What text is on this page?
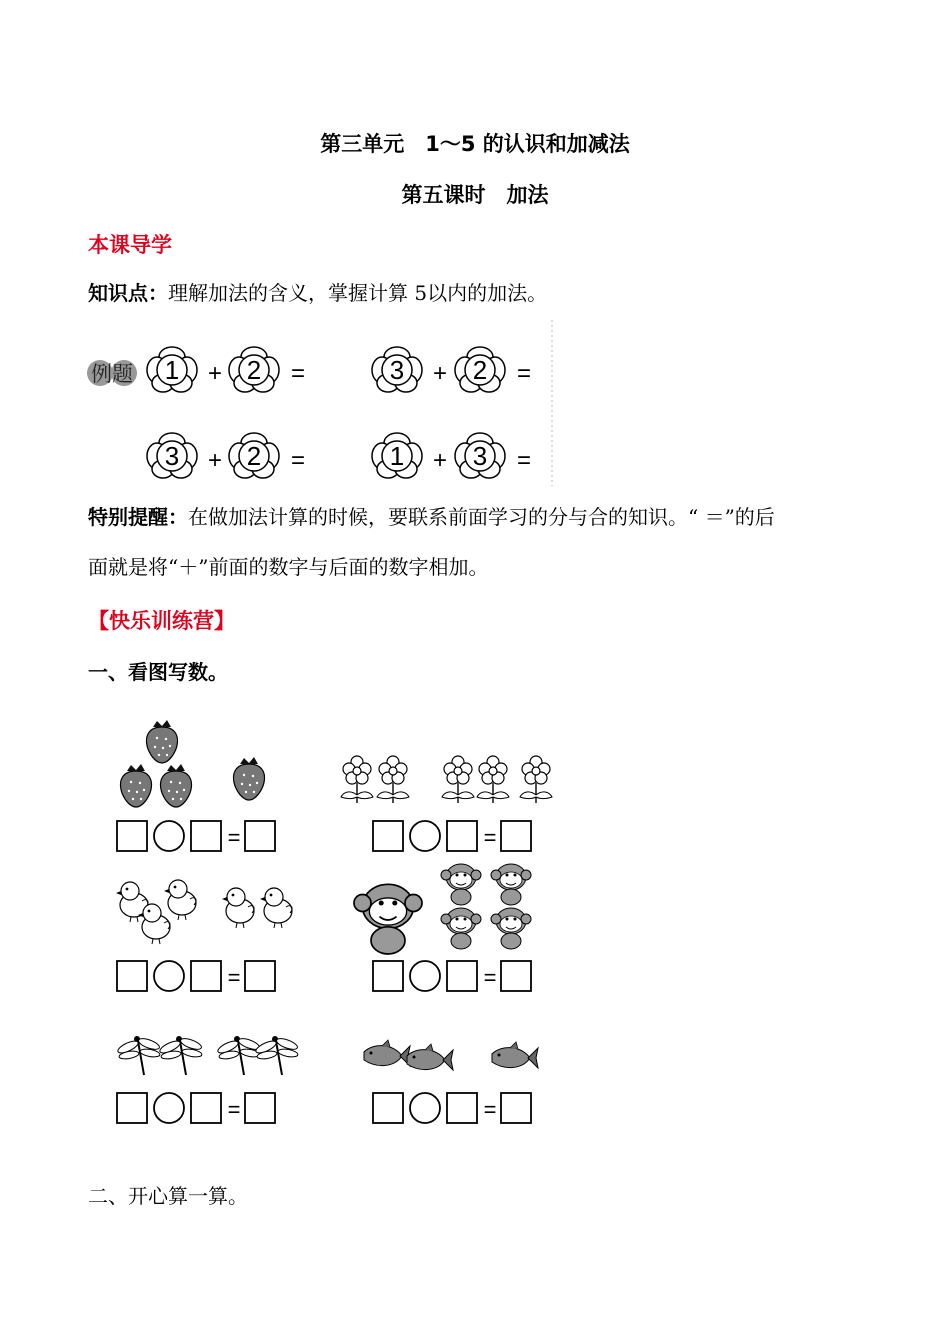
第三单元　1～5 的认识和加减法
第五课时　加法
本课导学
知识点：理解加法的含义，掌握计算 5以内的加法。
例题 1 + 2 =	3 + 2 =
3 + 2 =	1 + 3 =
特别提醒：在做加法计算的时候，要联系前面学习的分与合的知识。“ ＝”的后
面就是将“＋”前面的数字与后面的数字相加。
【快乐训练营】
一、看图写数。
=	=
=	=
=	=
二、开心算一算。
